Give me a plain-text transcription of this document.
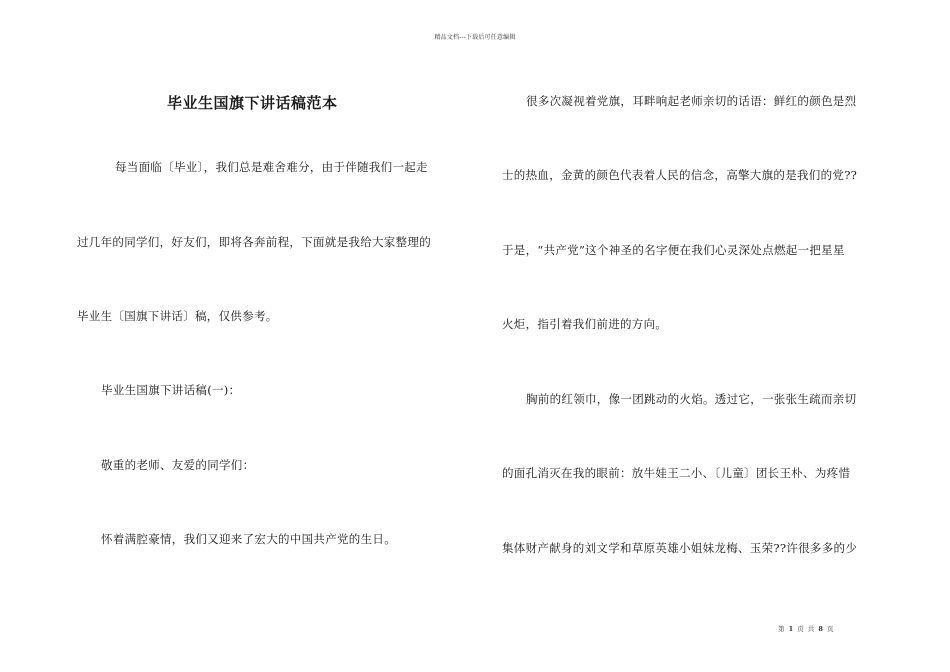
精品文档---下载后可任意编辑
毕业生国旗下讲话稿范本
每当面临〔毕业〕，我们总是难舍难分，由于伴随我们一起走
过几年的同学们，好友们，即将各奔前程，下面就是我给大家整理的
毕业生〔国旗下讲话〕稿，仅供参考。
毕业生国旗下讲话稿(一)：
敬重的老师、友爱的同学们：
怀着满腔豪情，我们又迎来了宏大的中国共产党的生日。
很多次凝视着党旗，耳畔响起老师亲切的话语：鲜红的颜色是烈
士的热血，金黄的颜色代表着人民的信念，高擎大旗的是我们的党??
于是，“共产党”这个神圣的名字便在我们心灵深处点燃起一把星星
火炬，指引着我们前进的方向。
胸前的红领巾，像一团跳动的火焰。透过它，一张张生疏而亲切
的面孔消灭在我的眼前：放牛娃王二小、〔儿童〕团长王朴、为疼惜
集体财产献身的刘文学和草原英雄小姐妹龙梅、玉荣??许很多多的少
第 1 页 共 8 页
